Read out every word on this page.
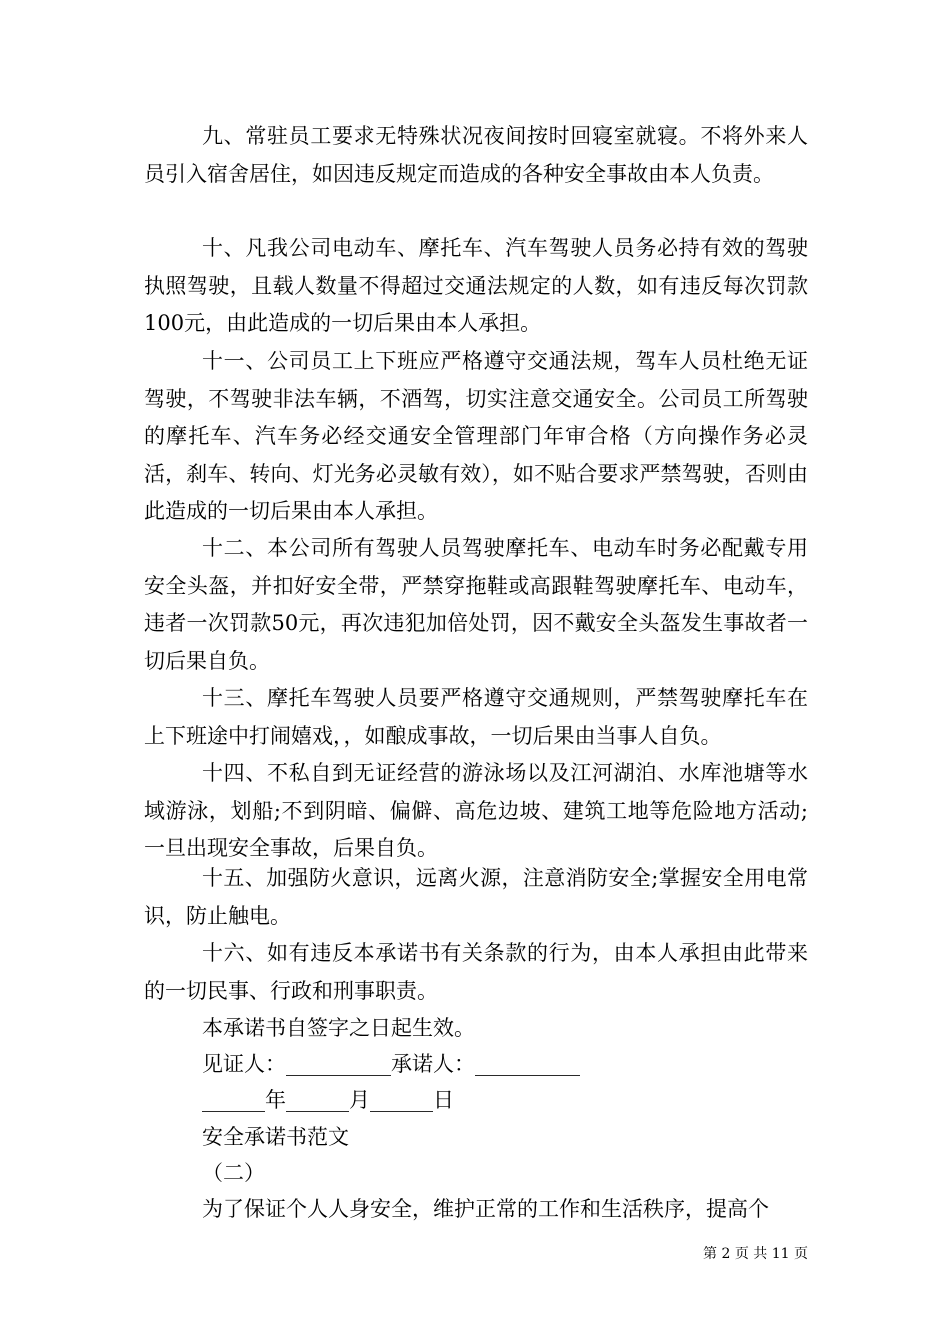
九、常驻员工要求无特殊状况夜间按时回寝室就寝。不将外来人员引入宿舍居住，如因违反规定而造成的各种安全事故由本人负责。

十、凡我公司电动车、摩托车、汽车驾驶人员务必持有效的驾驶执照驾驶，且载人数量不得超过交通法规定的人数，如有违反每次罚款100元，由此造成的一切后果由本人承担。

十一、公司员工上下班应严格遵守交通法规，驾车人员杜绝无证驾驶，不驾驶非法车辆，不酒驾，切实注意交通安全。公司员工所驾驶的摩托车、汽车务必经交通安全管理部门年审合格（方向操作务必灵活，刹车、转向、灯光务必灵敏有效），如不贴合要求严禁驾驶，否则由此造成的一切后果由本人承担。

十二、本公司所有驾驶人员驾驶摩托车、电动车时务必配戴专用安全头盔，并扣好安全带，严禁穿拖鞋或高跟鞋驾驶摩托车、电动车，违者一次罚款50元，再次违犯加倍处罚，因不戴安全头盔发生事故者一切后果自负。

十三、摩托车驾驶人员要严格遵守交通规则，严禁驾驶摩托车在上下班途中打闹嬉戏，，如酿成事故，一切后果由当事人自负。

十四、不私自到无证经营的游泳场以及江河湖泊、水库池塘等水域游泳，划船;不到阴暗、偏僻、高危边坡、建筑工地等危险地方活动;一旦出现安全事故，后果自负。

十五、加强防火意识，远离火源，注意消防安全;掌握安全用电常识，防止触电。

十六、如有违反本承诺书有关条款的行为，由本人承担由此带来的一切民事、行政和刑事职责。

本承诺书自签字之日起生效。
见证人：__________承诺人：__________
______年______月______日
安全承诺书范文
（二）
为了保证个人人身安全，维护正常的工作和生活秩序，提高个
第 2 页 共 11 页
